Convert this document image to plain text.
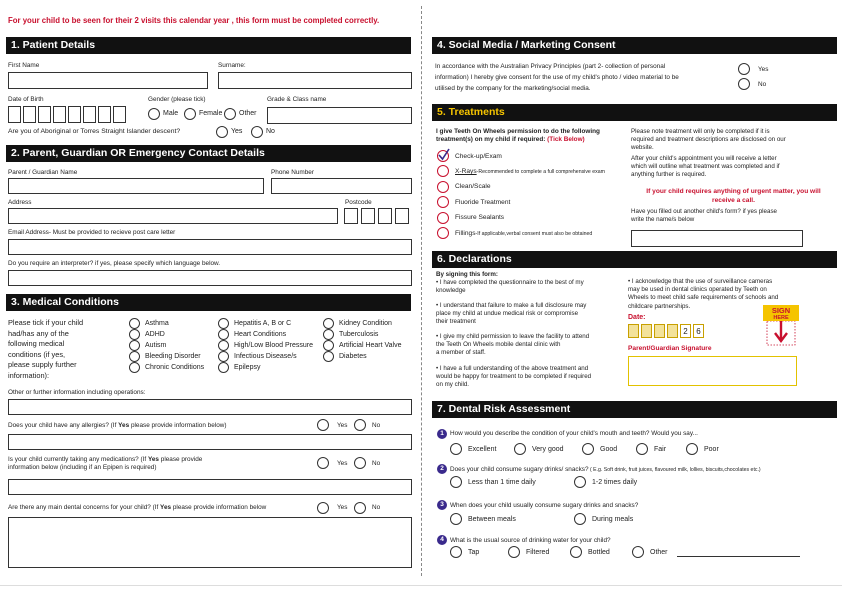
For your child to be seen for their 2 visits this calendar year , this form must be completed correctly.
1. Patient Details
First Name	Surname:
Date of Birth	Gender (please tick)	Grade & Class name
Male	Female Other
Are you of Aboriginal or Torres Straight Islander descent?	Yes	No
2. Parent, Guardian OR Emergency Contact Details
Parent / Guardian Name	Phone Number
Address	Postcode
Email Address- Must be provided to recieve post care letter
Do you require an interpreter? if yes, please specify which language below.
3. Medical Conditions
Please tick if your child
had/has any of the
following medical
conditions (if yes,
please supply further
information):
Asthma
ADHD
Autism
Bleeding Disorder
Chronic Conditions
Hepatitis A, B or C
Heart Conditions
High/Low Blood Pressure
Infectious Disease/s
Epilepsy
Kidney Condition
Tuberculosis
Artificial Heart Valve
Diabetes
Other or further information including operations:
Does your child have any allergies? (If Yes please provide information below)	Yes	No
Is your child currently taking any medications? (If Yes please provide
information below (including if an Epipen is required)
Yes	No
Are there any main dental concerns for your child? (If Yes please provide information below	Yes	No
4. Social Media / Marketing Consent
In accordance with the Australian Privacy Principles (part 2- collection of personal
information) I hereby give consent for the use of my child's photo / video material to be
utilised by the company for the marketing/social media.
Yes
No
5. Treatments
I give Teeth On Wheels permission to do the following
treatment(s) on my child if required: (Tick Below)
Check-up/Exam
X-Rays-Recommended to complete a full comprehensive exam
Clean/Scale
Fluoride Treatment
Fissure Sealants
Fillings-If applicable,verbal consent must also be obtained
Please note treatment will only be completed if it is
required and treatment descriptions are disclosed on our
website.
After your child's appointment you will receive a letter
which will outline what treatment was completed and if
anything further is required.
If your child requires anything of urgent matter, you will
receive a call.
Have you filled out another child's form? if yes please
write the name/s below
6. Declarations
By signing this form:
• I have completed the questionnaire to the best of my
knowledge
• I understand that failure to make a full disclosure may
place my child at undue medical risk or compromise
their treatment
• I give my child permission to leave the facility to attend
the Teeth On Wheels mobile dental clinic with
a member of staff.
• I have a full understanding of the above treatment and
would be happy for treatment to be completed if required
on my child.
• I acknowledge that the use of surveillance cameras
may be used in dental clinics operated by Teeth on
Wheels to meet child safe requirements of schools and
childcare partnerships.
Date:
2	6
Parent/Guardian Signature
SIGN
HERE
7. Dental Risk Assessment
1 How would you describe the condition of your child's mouth and teeth? Would you say...
Excellent	Very good	Good	Fair	Poor
2 Does your child consume sugary drinks/ snacks? ( E.g. Soft drink, fruit juices, flavoured milk, lollies, biscuits,chocolates etc.)
Less than 1 time daily	1-2 times daily
3 When does your child usually consume sugary drinks and snacks?
Between meals	During meals
4 What is the usual source of drinking water for your child?
Tap	Filtered	Bottled	Other
